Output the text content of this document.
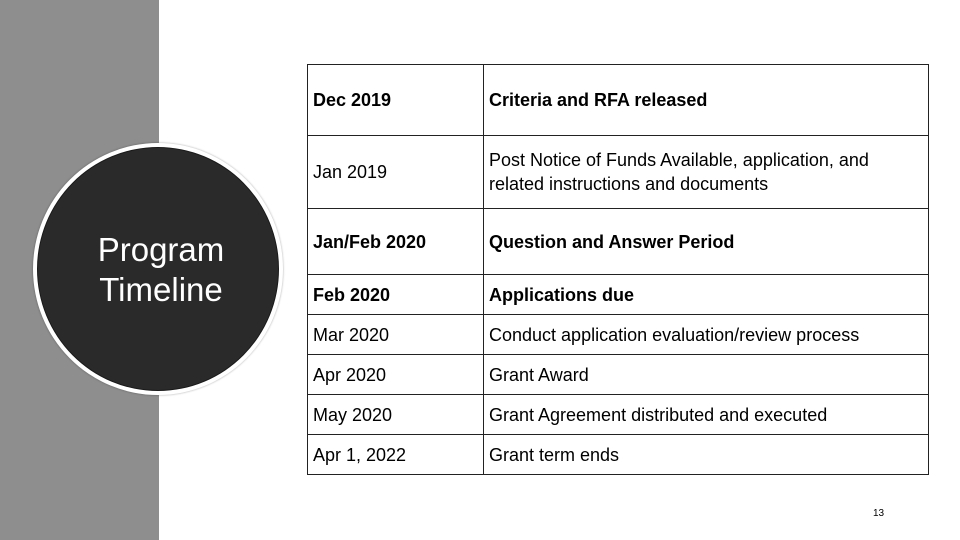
Program Timeline
Dec 2019	Criteria and RFA released
Jan 2019	Post Notice of Funds Available, application, and related instructions and documents
Jan/Feb 2020	Question and Answer Period
Feb 2020	Applications due
Mar 2020	Conduct application evaluation/review process
Apr 2020	Grant Award
May 2020	Grant Agreement distributed and executed
Apr 1, 2022	Grant term ends
13
